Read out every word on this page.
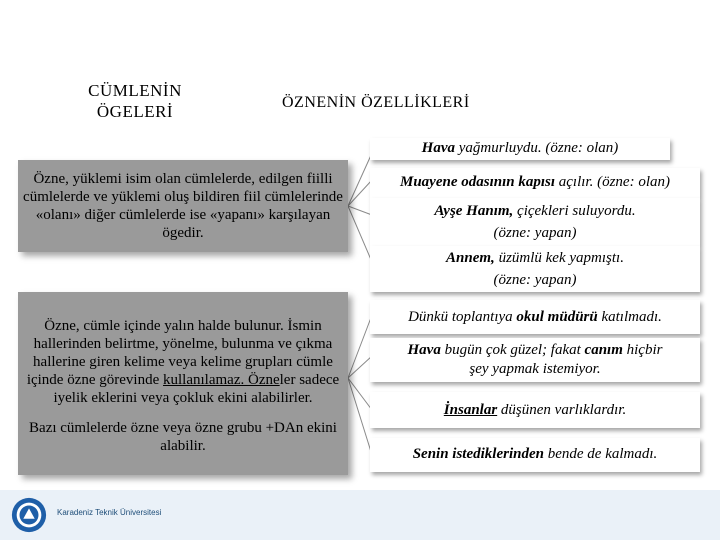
CÜMLENİN
ÖGELERİ	ÖZNENİN ÖZELLİKLERİ
Özne, yüklemi isim olan cümlelerde, edilgen fiilli cümlelerde ve yüklemi oluş bildiren fiil cümlelerinde «olanı» diğer cümlelerde ise «yapanı» karşılayan ögedir.

Özne, cümle içinde yalın halde bulunur. İsmin hallerinden belirtme, yönelme, bulunma ve çıkma hallerine giren kelime veya kelime grupları cümle içinde özne görevinde kullanılamaz. Özneler sadece iyelik eklerini veya çokluk ekini alabilirler.

Bazı cümlelerde özne veya özne grubu +DAn ekini alabilir.

Hava yağmurluydu. (özne: olan)
Muayene odasının kapısı açılır. (özne: olan)
Ayşe Hanım, çiçekleri suluyordu.
(özne: yapan)
Annem, üzümlü kek yapmıştı.
(özne: yapan)
Dünkü toplantıya okul müdürü katılmadı.
Hava bugün çok güzel; fakat canım hiçbir
şey yapmak istemiyor.
İnsanlar düşünen varlıklardır.
Senin istediklerinden bende de kalmadı.
Karadeniz Teknik Üniversitesi
